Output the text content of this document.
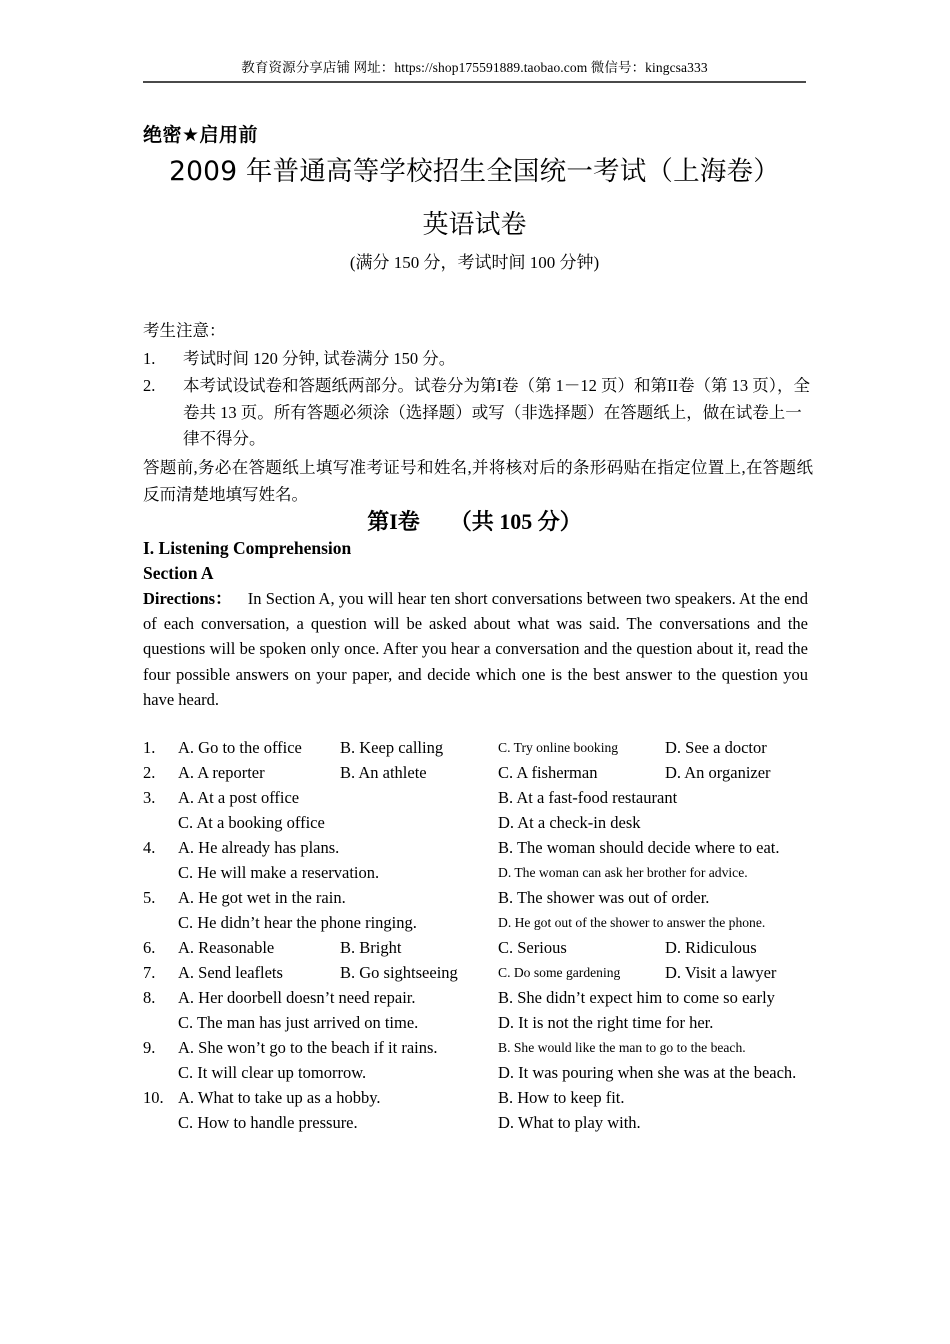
教育资源分享店铺 网址：https://shop175591889.taobao.com 微信号：kingcsa333
绝密★启用前
2009 年普通高等学校招生全国统一考试（上海卷）
英语试卷
(满分 150 分，考试时间 100 分钟)
考生注意：
1. 考试时间 120 分钟, 试卷满分 150 分。
2. 本考试设试卷和答题纸两部分。试卷分为第I卷（第 1－12 页）和第II卷（第 13 页），全卷共 13 页。所有答题必须涂（选择题）或写（非选择题）在答题纸上，做在试卷上一律不得分。
答题前,务必在答题纸上填写准考证号和姓名,并将核对后的条形码贴在指定位置上,在答题纸反而清楚地填写姓名。
第I卷 （共 105 分）
I. Listening Comprehension
Section A
Directions： In Section A, you will hear ten short conversations between two speakers. At the end of each conversation, a question will be asked about what was said. The conversations and the questions will be spoken only once. After you hear a conversation and the question about it, read the four possible answers on your paper, and decide which one is the best answer to the question you have heard.
1. A. Go to the office B. Keep calling	C. Try online booking	D. See a doctor
2. A. A reporter	B. An athlete	C. A fisherman	D. An organizer
3. A. At a post office	B. At a fast-food restaurant
C. At a booking office	D. At a check-in desk
4. A. He already has plans.	B. The woman should decide where to eat.
C. He will make a reservation.	D. The woman can ask her brother for advice.
5. A. He got wet in the rain.	B. The shower was out of order.
C. He didn’t hear the phone ringing.	D. He got out of the shower to answer the phone.
6. A. Reasonable	B. Bright	C. Serious	D. Ridiculous
7. A. Send leaflets	B. Go sightseeing	C. Do some gardening	D. Visit a lawyer
8. A. Her doorbell doesn’t need repair.	B. She didn’t expect him to come so early
C. The man has just arrived on time.	D. It is not the right time for her.
9. A. She won’t go to the beach if it rains.	B. She would like the man to go to the beach.
C. It will clear up tomorrow.	D. It was pouring when she was at the beach.
10. A. What to take up as a hobby.	B. How to keep fit.
C. How to handle pressure.	D. What to play with.
